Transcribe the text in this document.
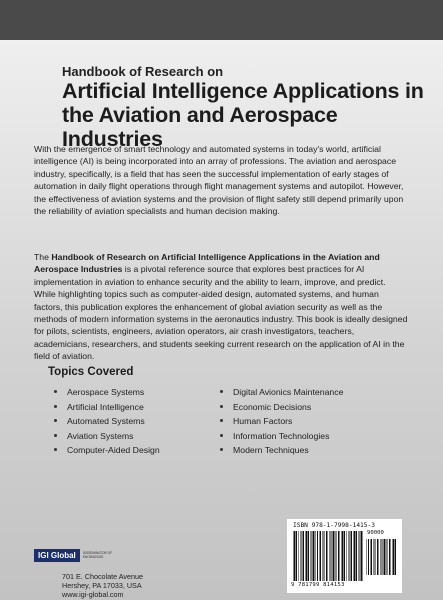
Handbook of Research on
Artificial Intelligence Applications in the Aviation and Aerospace Industries
With the emergence of smart technology and automated systems in today's world, artificial intelligence (AI) is being incorporated into an array of professions. The aviation and aerospace industry, specifically, is a field that has seen the successful implementation of early stages of automation in daily flight operations through flight management systems and autopilot. However, the effectiveness of aviation systems and the provision of flight safety still depend primarily upon the reliability of aviation specialists and human decision making.
The Handbook of Research on Artificial Intelligence Applications in the Aviation and Aerospace Industries is a pivotal reference source that explores best practices for AI implementation in aviation to enhance security and the ability to learn, improve, and predict. While highlighting topics such as computer-aided design, automated systems, and human factors, this publication explores the enhancement of global aviation security as well as the methods of modern information systems in the aeronautics industry. This book is ideally designed for pilots, scientists, engineers, aviation operators, air crash investigators, teachers, academicians, researchers, and students seeking current research on the application of AI in the field of aviation.
Topics Covered
Aerospace Systems
Artificial Intelligence
Automated Systems
Aviation Systems
Computer-Aided Design
Digital Avionics Maintenance
Economic Decisions
Human Factors
Information Technologies
Modern Techniques
IGI Global	DISSEMINATOR OF KNOWLEDGE
701 E. Chocolate Avenue
Hershey, PA 17033, USA
www.igi-global.com
ISBN 978-1-7998-1415-3
90000
9 781799 814153
